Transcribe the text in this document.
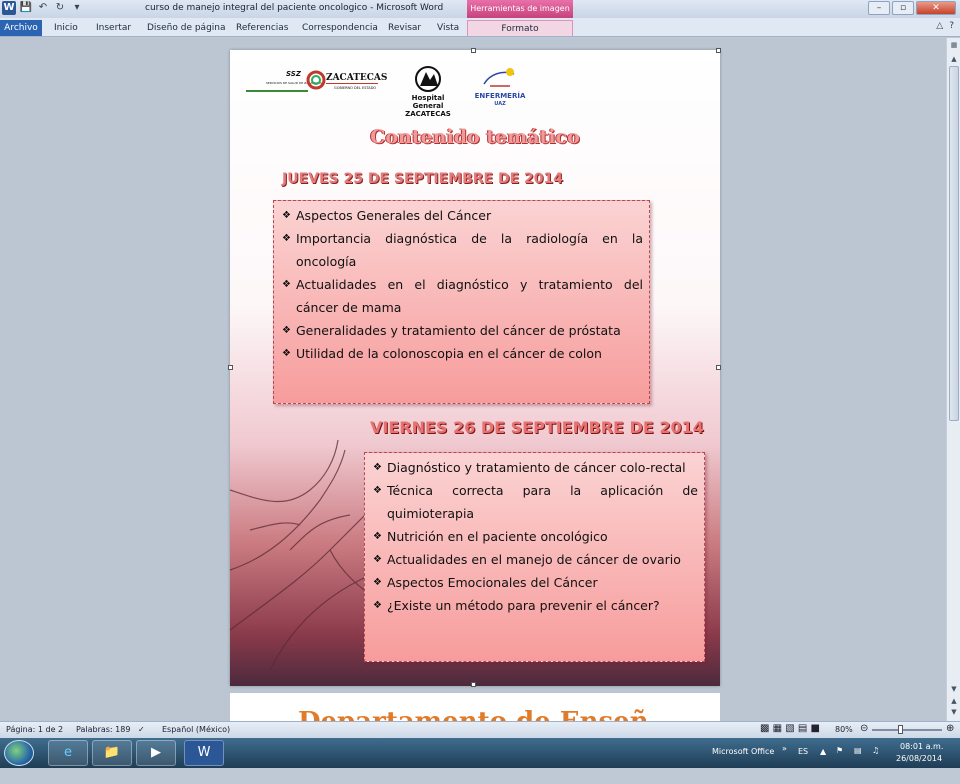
W 💾 ↶ ↻	▾	curso de manejo integral del paciente oncologico - Microsoft Word	Herramientas de imagen	–	▫	✕
Archivo	Inicio	Insertar	Diseño de página	Referencias	Correspondencia	Revisar	Vista	Formato	△ ?
▦
▲
▼
▲
▼
SSZ
SERVICIOS DE SALUD DE ZACATECAS ZACATECAS
GOBIERNO DEL ESTADO
Hospital General
ZACATECAS
ENFERMERÍA
UAZ
Contenido temático
JUEVES 25 DE SEPTIEMBRE DE 2014
❖ Aspectos Generales del Cáncer
❖ Importancia diagnóstica de la radiología en la oncología
❖ Actualidades en el diagnóstico y tratamiento del cáncer de mama
❖ Generalidades y tratamiento del cáncer de próstata
❖ Utilidad de la colonoscopia en el cáncer de colon
VIERNES 26 DE SEPTIEMBRE DE 2014
❖ Diagnóstico y tratamiento de cáncer colo-rectal
❖ Técnica correcta para la aplicación de quimioterapia
❖ Nutrición en el paciente oncológico
❖ Actualidades en el manejo de cáncer de ovario
❖ Aspectos Emocionales del Cáncer
❖ ¿Existe un método para prevenir el cáncer?
Página: 1 de 2 Palabras: 189 ✓ Español (México)	▩ ▦ ▧ ▤ ■ 80% ⊝	⊕
e	📁	▶	W	Microsoft Office » ES ▲ ⚑ ▤ ♫	08:01 a.m.
26/08/2014
